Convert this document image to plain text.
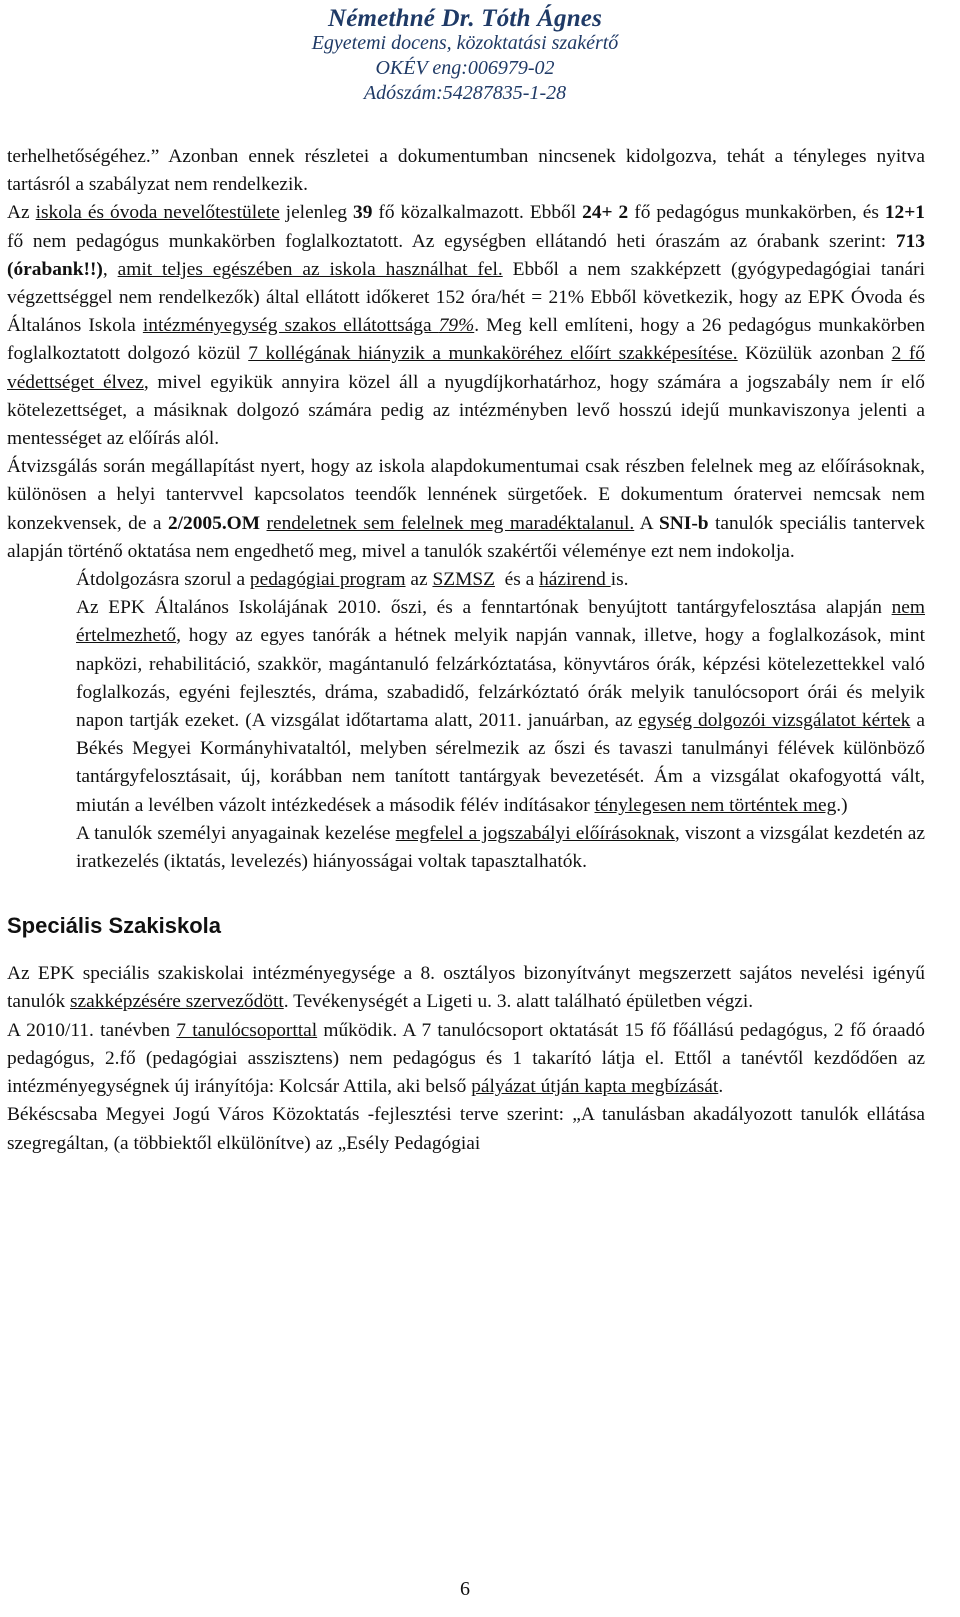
Némethné Dr. Tóth Ágnes
Egyetemi docens, közoktatási szakértő
OKÉV eng:006979-02
Adószám:54287835-1-28

terhelhetőségéhez.” Azonban ennek részletei a dokumentumban nincsenek kidolgozva, tehát a tényleges nyitva tartásról a szabályzat nem rendelkezik.

Az iskola és óvoda nevelőtestülete jelenleg 39 fő közalkalmazott. Ebből 24+ 2 fő pedagógus munkakörben, és 12+1 fő nem pedagógus munkakörben foglalkoztatott. Az egységben ellátandó heti óraszám az órabank szerint: 713 (órabank!!), amit teljes egészében az iskola használhat fel. Ebből a nem szakképzett (gyógypedagógiai tanári végzettséggel nem rendelkezők) által ellátott időkeret 152 óra/hét = 21% Ebből következik, hogy az EPK Óvoda és Általános Iskola intézményegység szakos ellátottsága 79%. Meg kell említeni, hogy a 26 pedagógus munkakörben foglalkoztatott dolgozó közül 7 kollégának hiányzik a munkaköréhez előírt szakképesítése. Közülük azonban 2 fő védettséget élvez, mivel egyikük annyira közel áll a nyugdíjkorhatárhoz, hogy számára a jogszabály nem ír elő kötelezettséget, a másiknak dolgozó számára pedig az intézményben levő hosszú idejű munkaviszonya jelenti a mentességet az előírás alól.

Átvizsgálás során megállapítást nyert, hogy az iskola alapdokumentumai csak részben felelnek meg az előírásoknak, különösen a helyi tantervvel kapcsolatos teendők lennének sürgetőek. E dokumentum óratervei nemcsak nem konzekvensek, de a 2/2005.OM rendeletnek sem felelnek meg maradéktalanul. A SNI-b tanulók speciális tantervek alapján történő oktatása nem engedhető meg, mivel a tanulók szakértői véleménye ezt nem indokolja.

Átdolgozásra szorul a pedagógiai program az SZMSZ  és a házirend is.

Az EPK Általános Iskolájának 2010. őszi, és a fenntartónak benyújtott tantárgyfelosztása alapján nem értelmezhető, hogy az egyes tanórák a hétnek melyik napján vannak, illetve, hogy a foglalkozások, mint napközi, rehabilitáció, szakkör, magántanuló felzárkóztatása, könyvtáros órák, képzési kötelezettekkel való foglalkozás, egyéni fejlesztés, dráma, szabadidő, felzárkóztató órák melyik tanulócsoport órái és melyik napon tartják ezeket. (A vizsgálat időtartama alatt, 2011. januárban, az egység dolgozói vizsgálatot kértek a Békés Megyei Kormányhivataltól, melyben sérelmezik az őszi és tavaszi tanulmányi félévek különböző tantárgyfelosztásait, új, korábban nem tanított tantárgyak bevezetését. Ám a vizsgálat okafogyottá vált, miután a levélben vázolt intézkedések a második félév indításakor ténylegesen nem történtek meg.)

A tanulók személyi anyagainak kezelése megfelel a jogszabályi előírásoknak, viszont a vizsgálat kezdetén az iratkezelés (iktatás, levelezés) hiányosságai voltak tapasztalhatók.

Speciális Szakiskola

Az EPK speciális szakiskolai intézményegysége a 8. osztályos bizonyítványt megszerzett sajátos nevelési igényű tanulók szakképzésére szerveződött. Tevékenységét a Ligeti u. 3. alatt található épületben végzi.

A 2010/11. tanévben 7 tanulócsoporttal működik. A 7 tanulócsoport oktatását 15 fő főállású pedagógus, 2 fő óraadó pedagógus, 2.fő (pedagógiai asszisztens) nem pedagógus és 1 takarító látja el. Ettől a tanévtől kezdődően az intézményegységnek új irányítója: Kolcsár Attila, aki belső pályázat útján kapta megbízását.

Békéscsaba Megyei Jogú Város Közoktatás -fejlesztési terve szerint: „A tanulásban akadályozott tanulók ellátása szegregáltan, (a többiektől elkülönítve) az „Esély Pedagógiai

6
